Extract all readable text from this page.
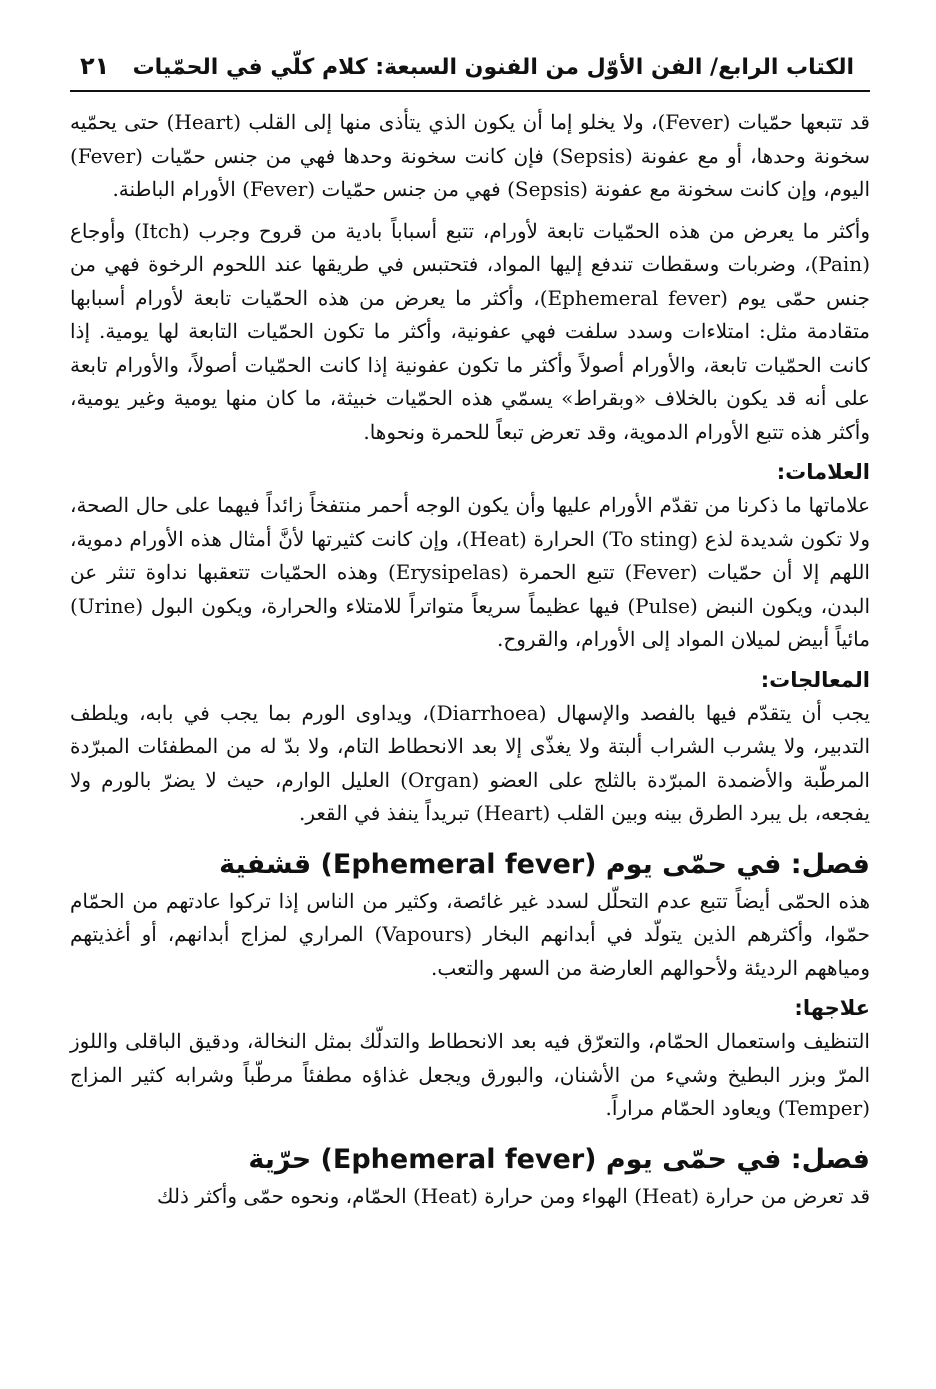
الكتاب الرابع/ الفن الأوّل من الفنون السبعة: كلام كلّي في الحمّيات
٢١

قد تتبعها حمّيات (Fever)، ولا يخلو إما أن يكون الذي يتأذى منها إلى القلب (Heart) حتى يحمّيه سخونة وحدها، أو مع عفونة (Sepsis) فإن كانت سخونة وحدها فهي من جنس حمّيات (Fever) اليوم، وإن كانت سخونة مع عفونة (Sepsis) فهي من جنس حمّيات (Fever) الأورام الباطنة.

وأكثر ما يعرض من هذه الحمّيات تابعة لأورام، تتبع أسباباً بادية من قروح وجرب (Itch) وأوجاع (Pain)، وضربات وسقطات تندفع إليها المواد، فتحتبس في طريقها عند اللحوم الرخوة فهي من جنس حمّى يوم (Ephemeral fever)، وأكثر ما يعرض من هذه الحمّيات تابعة لأورام أسبابها متقادمة مثل: امتلاءات وسدد سلفت فهي عفونية، وأكثر ما تكون الحمّيات التابعة لها يومية. إذا كانت الحمّيات تابعة، والأورام أصولاً وأكثر ما تكون عفونية إذا كانت الحمّيات أصولاً، والأورام تابعة على أنه قد يكون بالخلاف «وبقراط» يسمّي هذه الحمّيات خبيثة، ما كان منها يومية وغير يومية، وأكثر هذه تتبع الأورام الدموية، وقد تعرض تبعاً للحمرة ونحوها.

العلامات:

علاماتها ما ذكرنا من تقدّم الأورام عليها وأن يكون الوجه أحمر منتفخاً زائداً فيهما على حال الصحة، ولا تكون شديدة لذع (To sting) الحرارة (Heat)، وإن كانت كثيرتها لأنَّ أمثال هذه الأورام دموية، اللهم إلا أن حمّيات (Fever) تتبع الحمرة (Erysipelas) وهذه الحمّيات تتعقبها نداوة تنثر عن البدن، ويكون النبض (Pulse) فيها عظيماً سريعاً متواتراً للامتلاء والحرارة، ويكون البول (Urine) مائياً أبيض لميلان المواد إلى الأورام، والقروح.

المعالجات:

يجب أن يتقدّم فيها بالفصد والإسهال (Diarrhoea)، ويداوى الورم بما يجب في بابه، ويلطف التدبير، ولا يشرب الشراب ألبتة ولا يغذّى إلا بعد الانحطاط التام، ولا بدّ له من المطفئات المبرّدة المرطّبة والأضمدة المبرّدة بالثلج على العضو (Organ) العليل الوارم، حيث لا يضرّ بالورم ولا يفجعه، بل يبرد الطرق بينه وبين القلب (Heart) تبريداً ينفذ في القعر.

فصل: في حمّى يوم (Ephemeral fever) قشفية

هذه الحمّى أيضاً تتبع عدم التحلّل لسدد غير غائصة، وكثير من الناس إذا تركوا عادتهم من الحمّام حمّوا، وأكثرهم الذين يتولّد في أبدانهم البخار (Vapours) المراري لمزاج أبدانهم، أو أغذيتهم ومياههم الرديئة ولأحوالهم العارضة من السهر والتعب.

علاجها:

التنظيف واستعمال الحمّام، والتعرّق فيه بعد الانحطاط والتدلّك بمثل النخالة، ودقيق الباقلى واللوز المرّ وبزر البطيخ وشيء من الأشنان، والبورق ويجعل غذاؤه مطفئاً مرطّباً وشرابه كثير المزاج (Temper) ويعاود الحمّام مراراً.

فصل: في حمّى يوم (Ephemeral fever) حرّية

قد تعرض من حرارة (Heat) الهواء ومن حرارة (Heat) الحمّام، ونحوه حمّى وأكثر ذلك
